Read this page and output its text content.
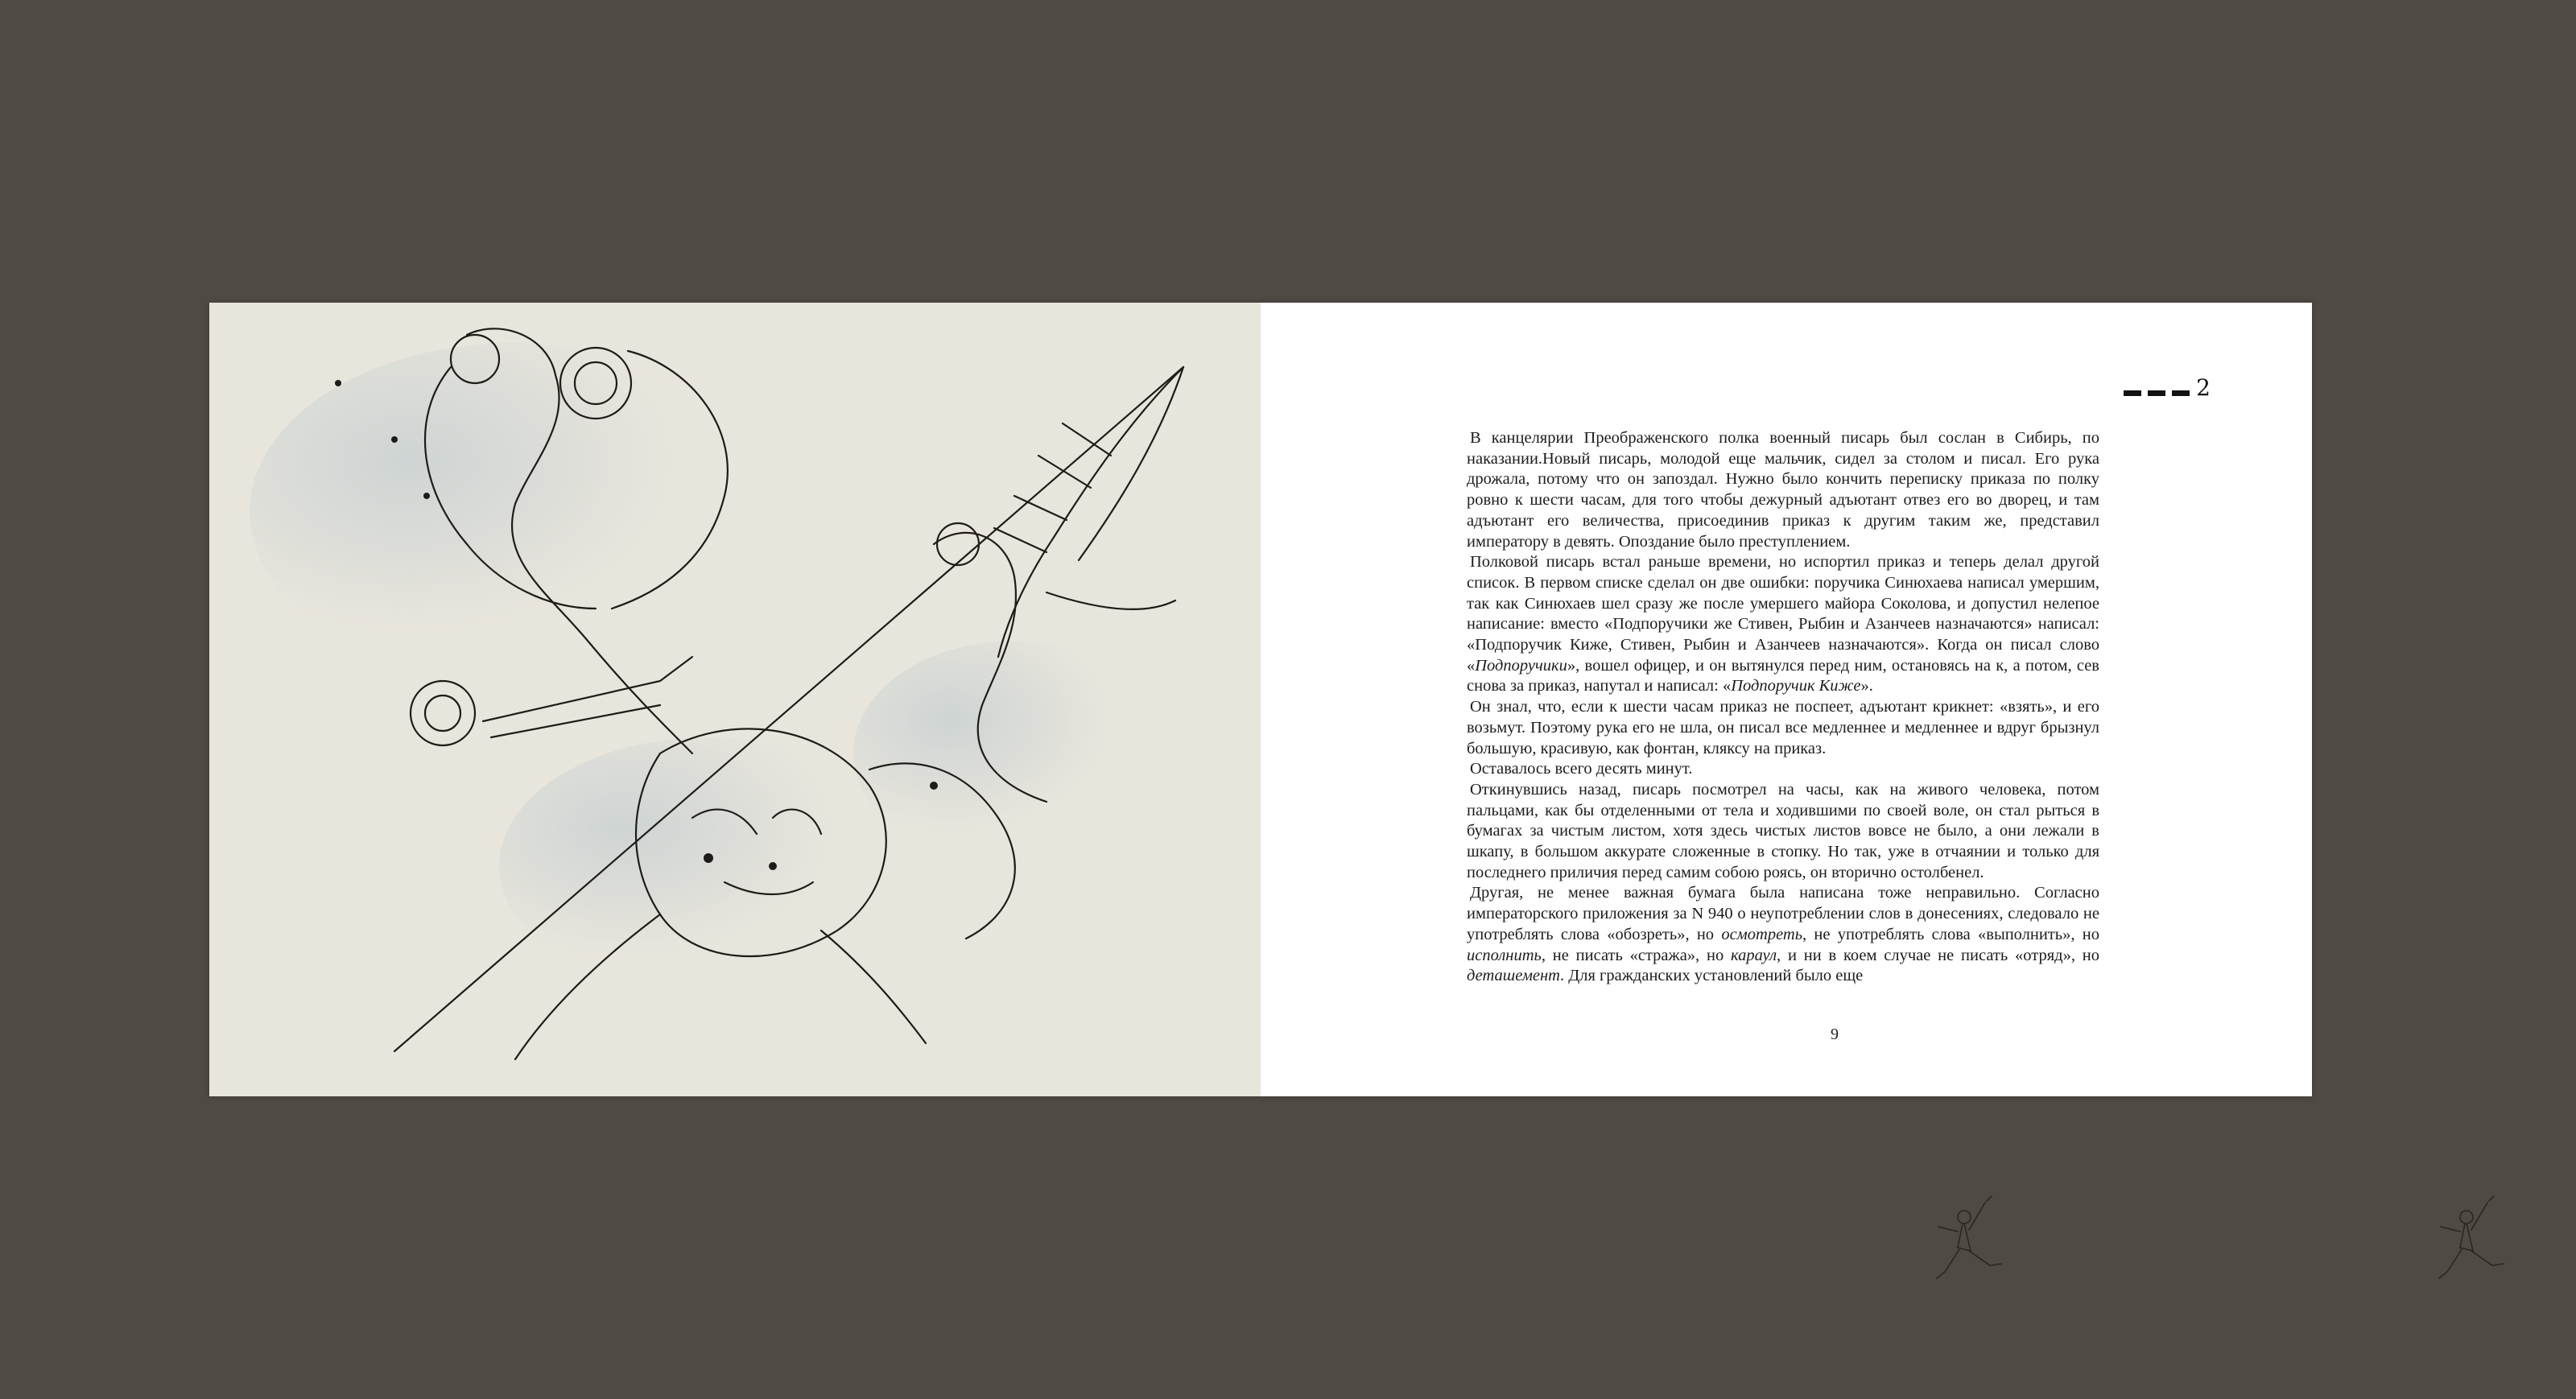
2

В канцелярии Преображенского полка военный писарь был сослан в Сибирь, по наказании.Новый писарь, молодой еще мальчик, сидел за столом и писал. Его рука дрожала, потому что он запоздал. Нужно было кончить переписку приказа по полку ровно к шести часам, для того чтобы дежурный адъютант отвез его во дворец, и там адъютант его величества, присоединив приказ к другим таким же, представил императору в девять. Опоздание было преступлением.

Полковой писарь встал раньше времени, но испортил приказ и теперь делал другой список. В первом списке сделал он две ошибки: поручика Синюхаева написал умершим, так как Синюхаев шел сразу же после умершего майора Соколова, и допустил нелепое написание: вместо «Подпоручики же Стивен, Рыбин и Азанчеев назначаются» написал: «Подпоручик Киже, Стивен, Рыбин и Азанчеев назначаются». Когда он писал слово «Подпоручики», вошел офицер, и он вытянулся перед ним, остановясь на к, а потом, сев снова за приказ, напутал и написал: «Подпоручик Киже».

Он знал, что, если к шести часам приказ не поспеет, адъютант крикнет: «взять», и его возьмут. Поэтому рука его не шла, он писал все медленнее и медленнее и вдруг брызнул большую, красивую, как фонтан, кляксу на приказ.

Оставалось всего десять минут.

Откинувшись назад, писарь посмотрел на часы, как на живого человека, потом пальцами, как бы отделенными от тела и ходившими по своей воле, он стал рыться в бумагах за чистым листом, хотя здесь чистых листов вовсе не было, а они лежали в шкапу, в большом аккурате сложенные в стопку. Но так, уже в отчаянии и только для последнего приличия перед самим собою роясь, он вторично остолбенел.

Другая, не менее важная бумага была написана тоже неправильно. Согласно императорского приложения за N 940 о неупотреблении слов в донесениях, следовало не употреблять слова «обозреть», но осмотреть, не употреблять слова «выполнить», но исполнить, не писать «стража», но караул, и ни в коем случае не писать «отряд», но деташемент. Для гражданских установлений было еще

9
